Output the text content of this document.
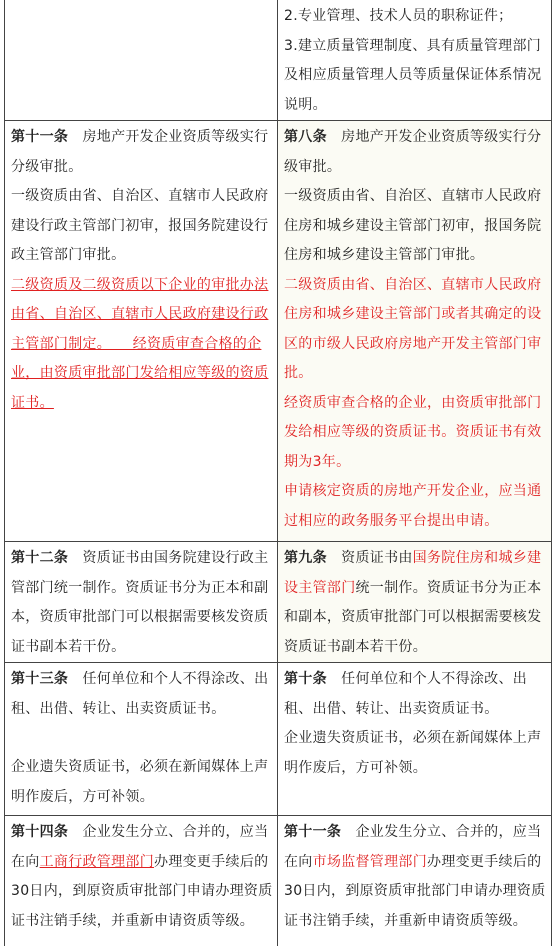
2.专业管理、技术人员的职称证件；

3.建立质量管理制度、具有质量管理部门及相应质量管理人员等质量保证体系情况说明。

第十一条 房地产开发企业资质等级实行分级审批。

一级资质由省、自治区、直辖市人民政府建设行政主管部门初审，报国务院建设行政主管部门审批。

二级资质及二级资质以下企业的审批办法由省、自治区、直辖市人民政府建设行政主管部门制定。　　经资质审查合格的企业，由资质审批部门发给相应等级的资质证书。

第八条 房地产开发企业资质等级实行分级审批。

一级资质由省、自治区、直辖市人民政府住房和城乡建设主管部门初审，报国务院住房和城乡建设主管部门审批。

二级资质由省、自治区、直辖市人民政府住房和城乡建设主管部门或者其确定的设区的市级人民政府房地产开发主管部门审批。

经资质审查合格的企业，由资质审批部门发给相应等级的资质证书。资质证书有效期为3年。

申请核定资质的房地产开发企业，应当通过相应的政务服务平台提出申请。

第十二条 资质证书由国务院建设行政主管部门统一制作。资质证书分为正本和副本，资质审批部门可以根据需要核发资质证书副本若干份。

第九条 资质证书由国务院住房和城乡建设主管部门统一制作。资质证书分为正本和副本，资质审批部门可以根据需要核发资质证书副本若干份。

第十三条 任何单位和个人不得涂改、出租、出借、转让、出卖资质证书。

企业遗失资质证书，必须在新闻媒体上声明作废后，方可补领。

第十条 任何单位和个人不得涂改、出租、出借、转让、出卖资质证书。

企业遗失资质证书，必须在新闻媒体上声明作废后，方可补领。

第十四条 企业发生分立、合并的，应当在向工商行政管理部门办理变更手续后的30日内，到原资质审批部门申请办理资质证书注销手续，并重新申请资质等级。

第十一条 企业发生分立、合并的，应当在向市场监督管理部门办理变更手续后的30日内，到原资质审批部门申请办理资质证书注销手续，并重新申请资质等级。
